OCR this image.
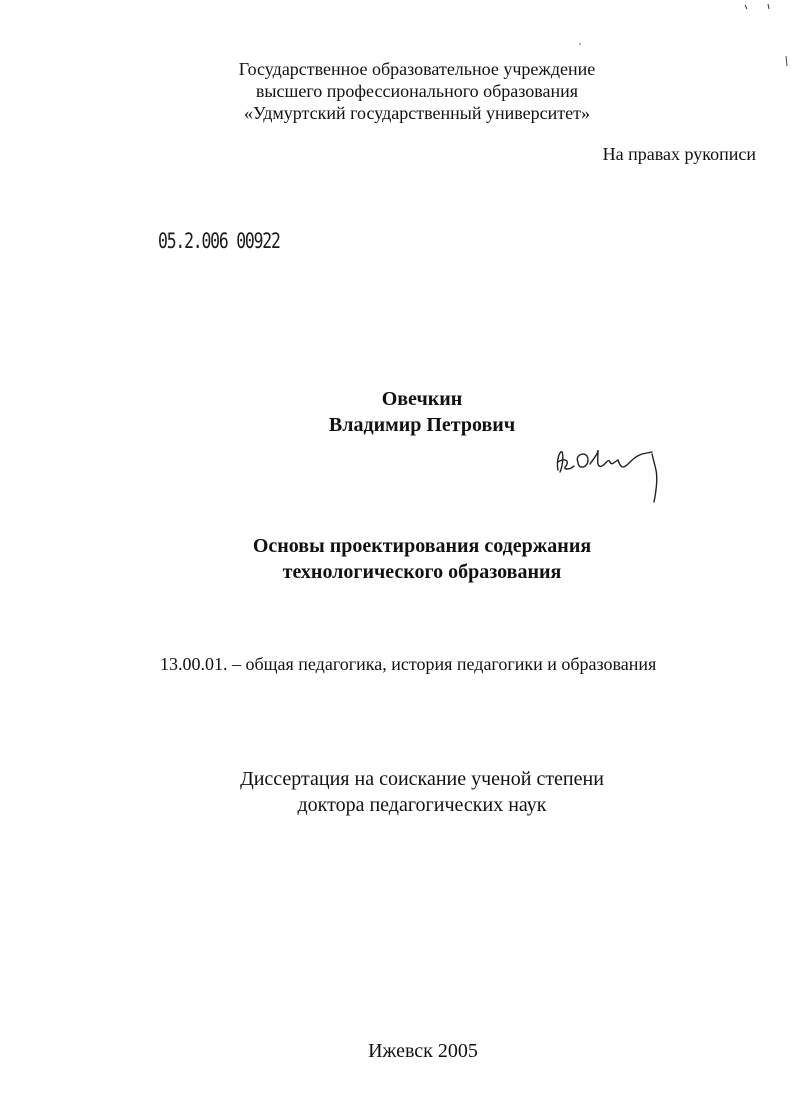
Государственное образовательное учреждение
высшего профессионального образования
«Удмуртский государственный университет»
На правах рукописи
05.2.006 00922
Овечкин
Владимир Петрович
Основы проектирования содержания
технологического образования
13.00.01. – общая педагогика, история педагогики и образования
Диссертация на соискание ученой степени
доктора педагогических наук
Ижевск 2005
